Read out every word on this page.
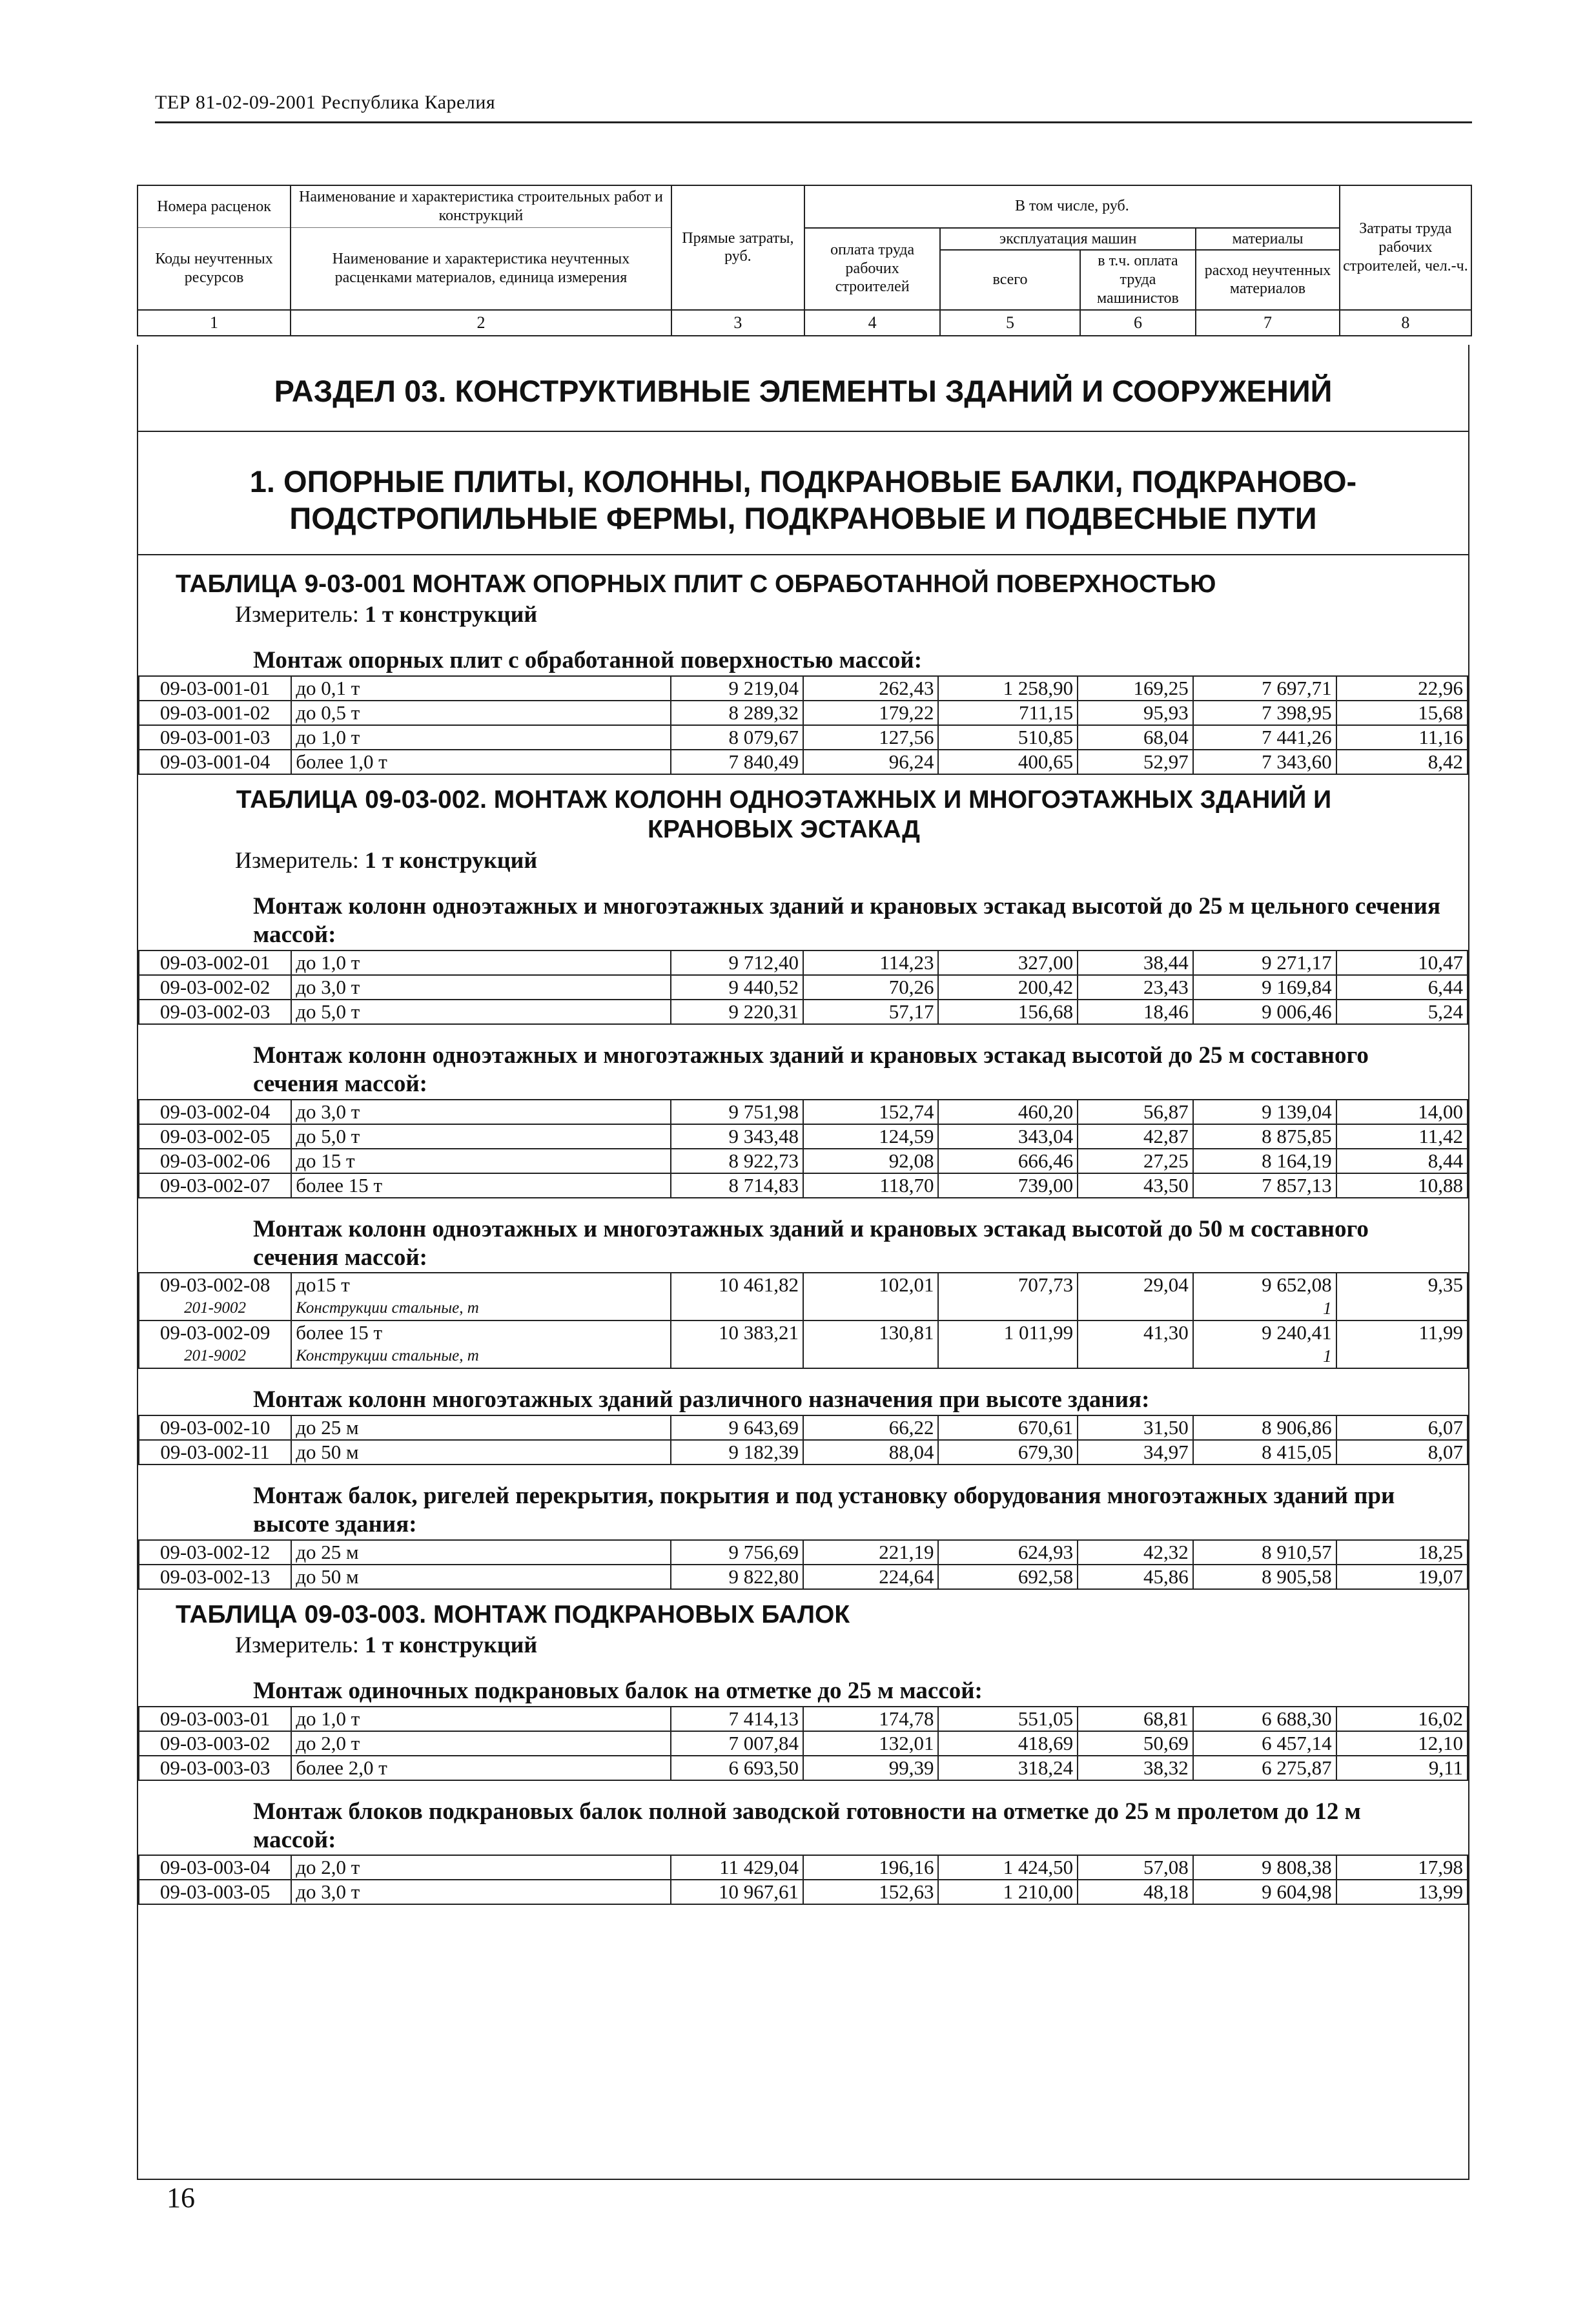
ТЕР 81-02-09-2001 Республика Карелия
Номера расценок	Наименование и характеристика строительных работ и конструкций	Прямые затраты, руб.	В том числе, руб.				Затраты труда рабочих строителей, чел.-ч.
Коды неучтенных ресурсов	Наименование и характеристика неучтенных расценками материалов, единица измерения		оплата труда рабочих строителей	эксплуатация машин		материалы	
				всего	в т.ч. оплата труда машинистов	расход неучтенных материалов	
1	2	3	4	5	6	7	8
РАЗДЕЛ 03. КОНСТРУКТИВНЫЕ ЭЛЕМЕНТЫ ЗДАНИЙ И СООРУЖЕНИЙ
1. ОПОРНЫЕ ПЛИТЫ, КОЛОННЫ, ПОДКРАНОВЫЕ БАЛКИ, ПОДКРАНОВО-ПОДСТРОПИЛЬНЫЕ ФЕРМЫ, ПОДКРАНОВЫЕ И ПОДВЕСНЫЕ ПУТИ
ТАБЛИЦА 9-03-001 МОНТАЖ ОПОРНЫХ ПЛИТ С ОБРАБОТАННОЙ ПОВЕРХНОСТЬЮ
Измеритель: 1 т конструкций
Монтаж опорных плит с обработанной поверхностью массой:
09-03-001-01	до 0,1 т	9 219,04	262,43	1 258,90	169,25	7 697,71	22,96
09-03-001-02	до 0,5 т	8 289,32	179,22	711,15	95,93	7 398,95	15,68
09-03-001-03	до 1,0 т	8 079,67	127,56	510,85	68,04	7 441,26	11,16
09-03-001-04	более 1,0 т	7 840,49	96,24	400,65	52,97	7 343,60	8,42
ТАБЛИЦА 09-03-002. МОНТАЖ КОЛОНН ОДНОЭТАЖНЫХ И МНОГОЭТАЖНЫХ ЗДАНИЙ И КРАНОВЫХ ЭСТАКАД
Измеритель: 1 т конструкций
Монтаж колонн одноэтажных и многоэтажных зданий и крановых эстакад высотой до 25 м цельного сечения массой:
09-03-002-01	до 1,0 т	9 712,40	114,23	327,00	38,44	9 271,17	10,47
09-03-002-02	до 3,0 т	9 440,52	70,26	200,42	23,43	9 169,84	6,44
09-03-002-03	до 5,0 т	9 220,31	57,17	156,68	18,46	9 006,46	5,24
Монтаж колонн одноэтажных и многоэтажных зданий и крановых эстакад высотой до 25 м составного сечения массой:
09-03-002-04	до 3,0 т	9 751,98	152,74	460,20	56,87	9 139,04	14,00
09-03-002-05	до 5,0 т	9 343,48	124,59	343,04	42,87	8 875,85	11,42
09-03-002-06	до 15 т	8 922,73	92,08	666,46	27,25	8 164,19	8,44
09-03-002-07	более 15 т	8 714,83	118,70	739,00	43,50	7 857,13	10,88
Монтаж колонн одноэтажных и многоэтажных зданий и крановых эстакад высотой до 50 м составного сечения массой:
09-03-002-08	до15 т	10 461,82	102,01	707,73	29,04	9 652,08	9,35
201-9002	Конструкции стальные, т					1	
09-03-002-09	более 15 т	10 383,21	130,81	1 011,99	41,30	9 240,41	11,99
201-9002	Конструкции стальные, т					1	
Монтаж колонн многоэтажных зданий различного назначения при высоте здания:
09-03-002-10	до 25 м	9 643,69	66,22	670,61	31,50	8 906,86	6,07
09-03-002-11	до 50 м	9 182,39	88,04	679,30	34,97	8 415,05	8,07
Монтаж балок, ригелей перекрытия, покрытия и под установку оборудования многоэтажных зданий при высоте здания:
09-03-002-12	до 25 м	9 756,69	221,19	624,93	42,32	8 910,57	18,25
09-03-002-13	до 50 м	9 822,80	224,64	692,58	45,86	8 905,58	19,07
ТАБЛИЦА 09-03-003. МОНТАЖ ПОДКРАНОВЫХ БАЛОК
Измеритель: 1 т конструкций
Монтаж одиночных подкрановых балок на отметке до 25 м массой:
09-03-003-01	до 1,0 т	7 414,13	174,78	551,05	68,81	6 688,30	16,02
09-03-003-02	до 2,0 т	7 007,84	132,01	418,69	50,69	6 457,14	12,10
09-03-003-03	более 2,0 т	6 693,50	99,39	318,24	38,32	6 275,87	9,11
Монтаж блоков подкрановых балок полной заводской готовности на отметке до 25 м пролетом до 12 м массой:
09-03-003-04	до 2,0 т	11 429,04	196,16	1 424,50	57,08	9 808,38	17,98
09-03-003-05	до 3,0 т	10 967,61	152,63	1 210,00	48,18	9 604,98	13,99
16
